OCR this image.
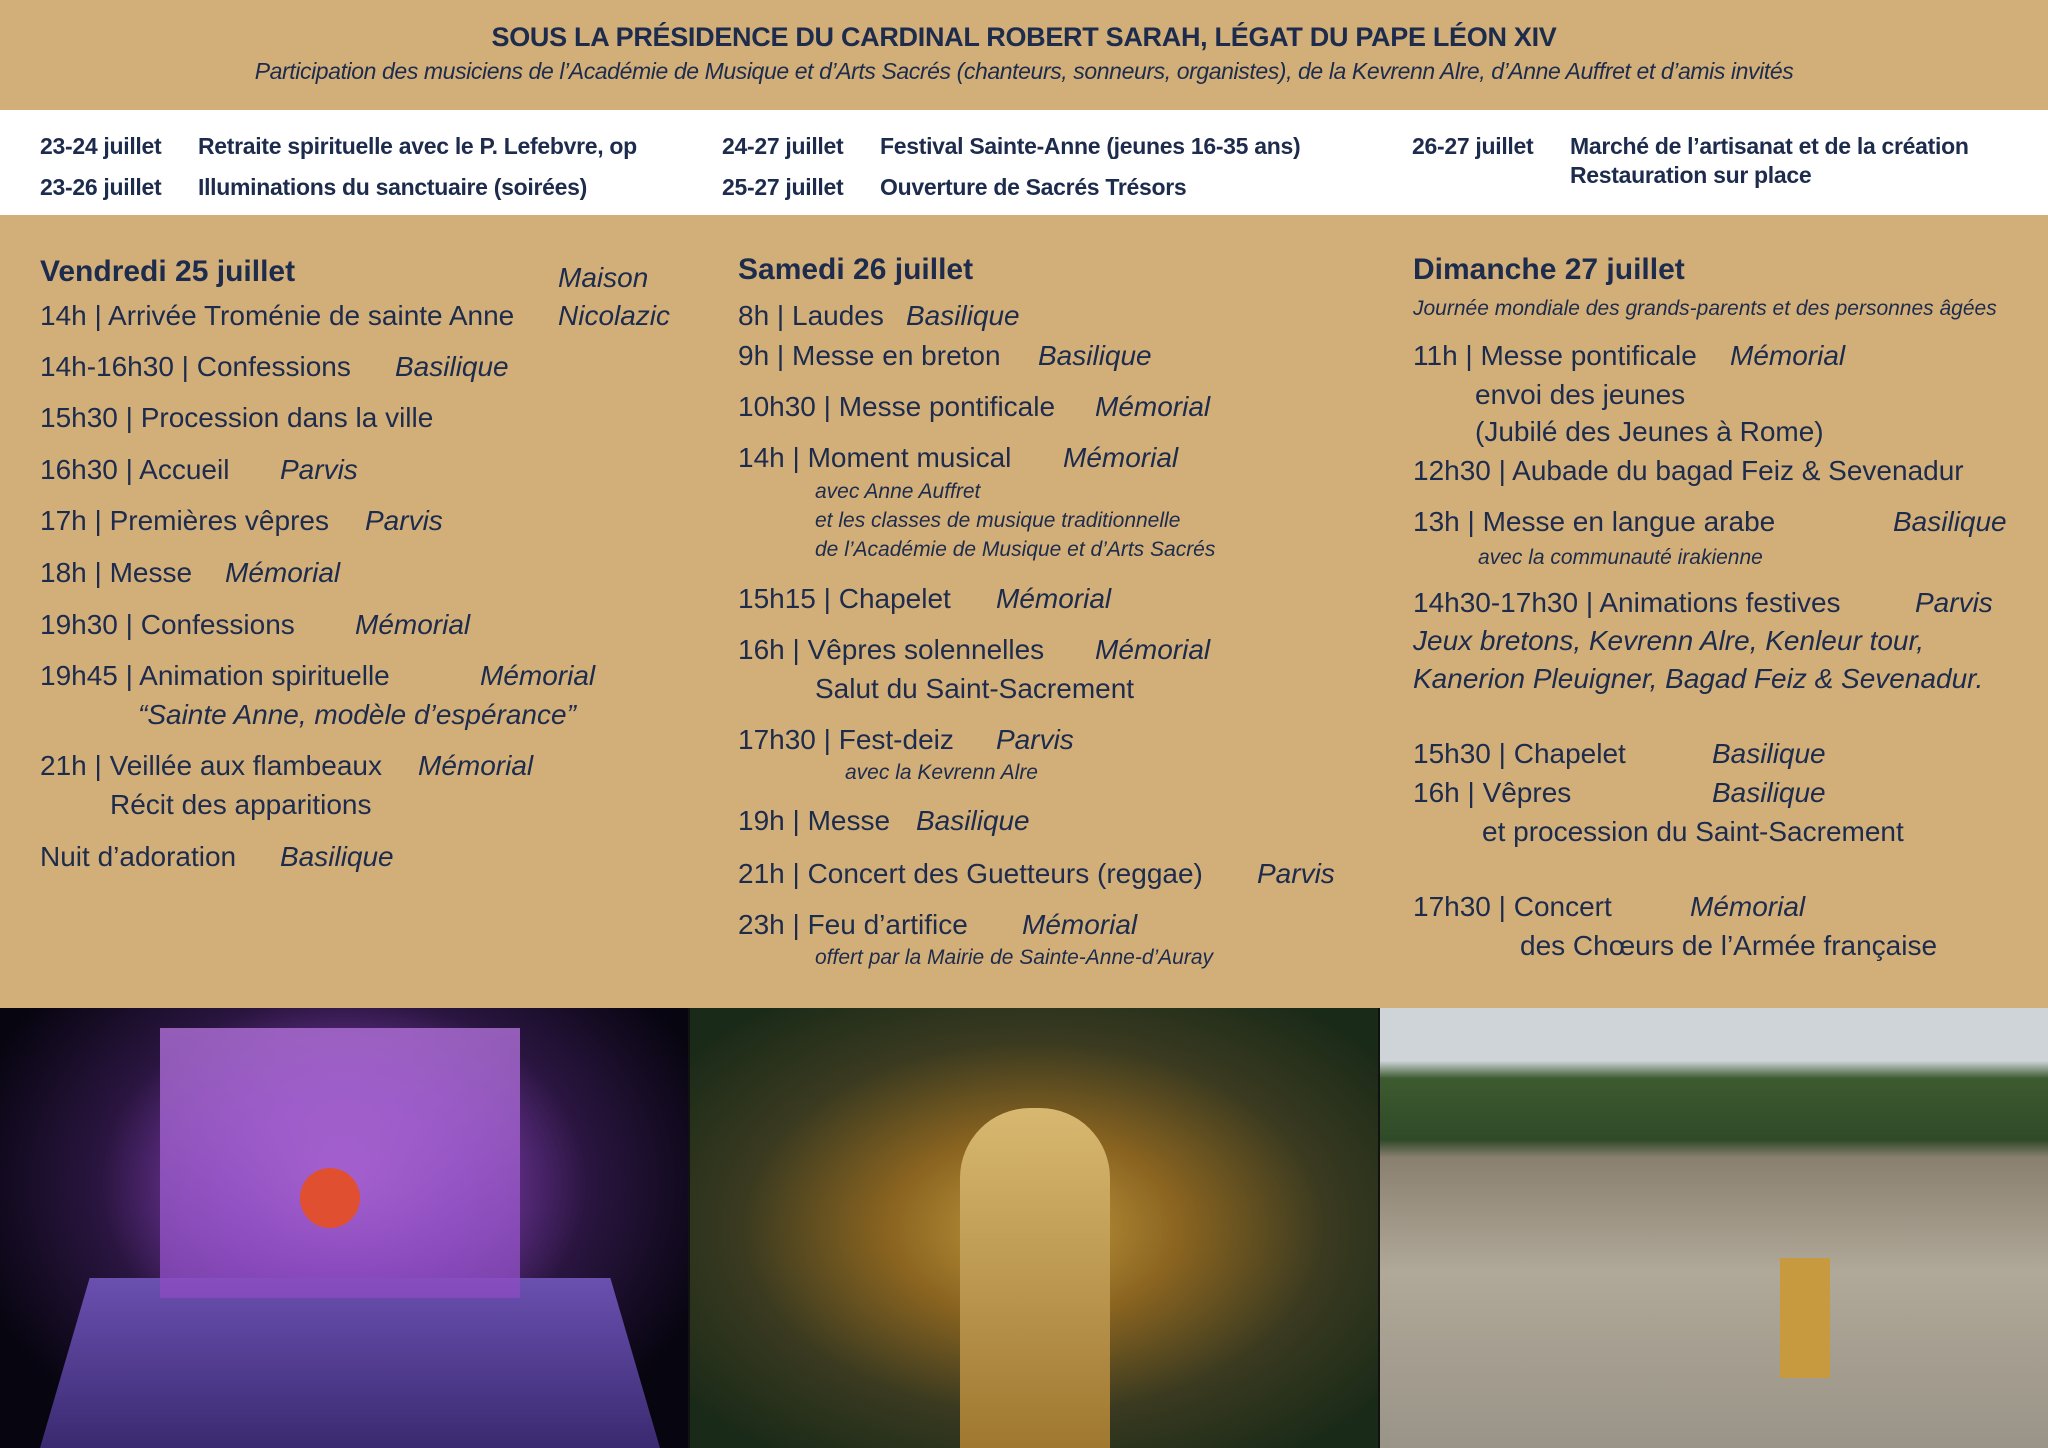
SOUS LA PRÉSIDENCE DU CARDINAL ROBERT SARAH, LÉGAT DU PAPE LÉON XIV
Participation des musiciens de l’Académie de Musique et d’Arts Sacrés (chanteurs, sonneurs, organistes), de la Kevrenn Alre, d’Anne Auffret et d’amis invités
23-24 juillet Retraite spirituelle avec le P. Lefebvre, op
23-26 juillet Illuminations du sanctuaire (soirées)
24-27 juillet Festival Sainte-Anne (jeunes 16-35 ans)
25-27 juillet Ouverture de Sacrés Trésors
26-27 juillet Marché de l’artisanat et de la création
Restauration sur place
Vendredi 25 juillet	Maison
14h | Arrivée Troménie de sainte Anne Nicolazic
14h-16h30 | Confessions Basilique
15h30 | Procession dans la ville
16h30 | Accueil Parvis
17h | Premières vêpres Parvis
18h | Messe Mémorial
19h30 | Confessions Mémorial
19h45 | Animation spirituelle	Mémorial
“Sainte Anne, modèle d’espérance”
21h | Veillée aux flambeaux Mémorial
Récit des apparitions
Nuit d’adoration Basilique
Samedi 26 juillet
8h | Laudes Basilique
9h | Messe en breton Basilique
10h30 | Messe pontificale Mémorial
14h | Moment musical Mémorial
avec Anne Auffret
et les classes de musique traditionnelle
de l’Académie de Musique et d’Arts Sacrés
15h15 | Chapelet Mémorial
16h | Vêpres solennelles Mémorial
Salut du Saint-Sacrement
17h30 | Fest-deiz Parvis
avec la Kevrenn Alre
19h | Messe Basilique
21h | Concert des Guetteurs (reggae) Parvis
23h | Feu d’artifice Mémorial
offert par la Mairie de Sainte-Anne-d’Auray
Dimanche 27 juillet
Journée mondiale des grands-parents et des personnes âgées
11h | Messe pontificale Mémorial
envoi des jeunes
(Jubilé des Jeunes à Rome)
12h30 | Aubade du bagad Feiz & Sevenadur
13h | Messe en langue arabe	Basilique
avec la communauté irakienne
14h30-17h30 | Animations festives	Parvis
Jeux bretons, Kevrenn Alre, Kenleur tour,
Kanerion Pleuigner, Bagad Feiz & Sevenadur.
15h30 | Chapelet	Basilique
16h | Vêpres	Basilique
et procession du Saint-Sacrement
17h30 | Concert	Mémorial
des Chœurs de l’Armée française
